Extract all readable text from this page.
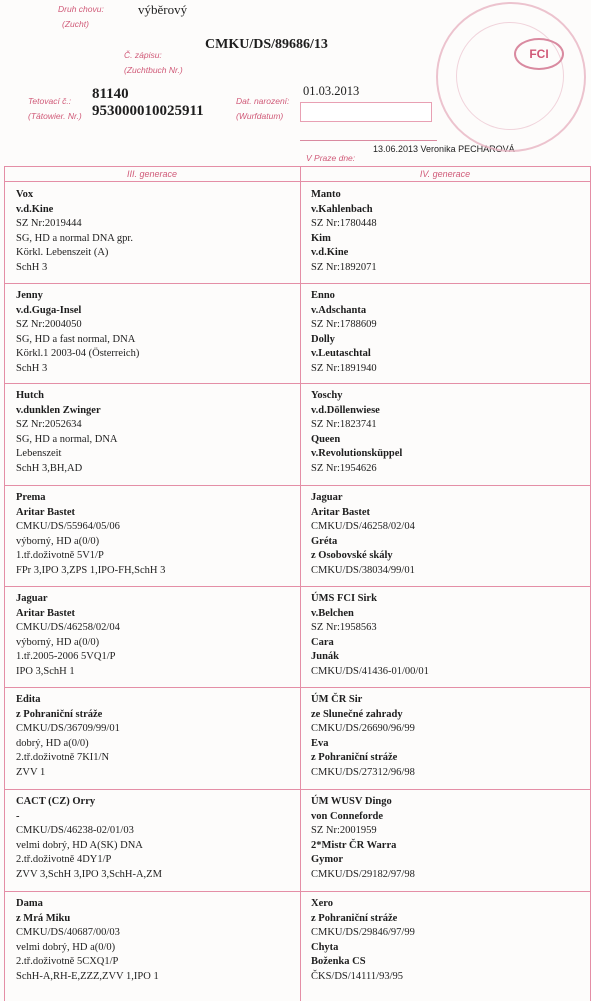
Druh chovu:
(Zucht)
výběrový
Č. zápisu:
(Zuchtbuch Nr.)
CMKU/DS/89686/13
Tetovací č.:
(Tätowier. Nr.)
81140
953000010025911
Dat. narození:
(Wurfdatum)
01.03.2013
13.06.2013 Veronika PECHAROVÁ
V Praze dne:
FCI
III. generace	IV. generace
Vox
v.d.Kine
SZ Nr:2019444
SG, HD a normal DNA gpr.
Körkl. Lebenszeit (A)
SchH 3
Manto
v.Kahlenbach
SZ Nr:1780448
Kim
v.d.Kine
SZ Nr:1892071
Jenny
v.d.Guga-Insel
SZ Nr:2004050
SG, HD a fast normal, DNA
Körkl.1 2003-04 (Österreich)
SchH 3
Enno
v.Adschanta
SZ Nr:1788609
Dolly
v.Leutaschtal
SZ Nr:1891940
Hutch
v.dunklen Zwinger
SZ Nr:2052634
SG, HD a normal, DNA
Lebenszeit
SchH 3,BH,AD
Yoschy
v.d.Döllenwiese
SZ Nr:1823741
Queen
v.Revolutionsküppel
SZ Nr:1954626
Prema
Aritar Bastet
CMKU/DS/55964/05/06
výborný, HD a(0/0)
1.tř.doživotně 5V1/P
FPr 3,IPO 3,ZPS 1,IPO-FH,SchH 3
Jaguar
Aritar Bastet
CMKU/DS/46258/02/04
Gréta
z Osobovské skály
CMKU/DS/38034/99/01
Jaguar
Aritar Bastet
CMKU/DS/46258/02/04
výborný, HD a(0/0)
1.tř.2005-2006 5VQ1/P
IPO 3,SchH 1
ÚMS FCI Sirk
v.Belchen
SZ Nr:1958563
Cara
Junák
CMKU/DS/41436-01/00/01
Edita
z Pohraniční stráže
CMKU/DS/36709/99/01
dobrý, HD a(0/0)
2.tř.doživotně 7KI1/N
ZVV 1
ÚM ČR Sir
ze Slunečné zahrady
CMKU/DS/26690/96/99
Eva
z Pohraniční stráže
CMKU/DS/27312/96/98
CACT (CZ) Orry
-
CMKU/DS/46238-02/01/03
velmi dobrý, HD A(SK) DNA
2.tř.doživotně 4DY1/P
ZVV 3,SchH 3,IPO 3,SchH-A,ZM
ÚM WUSV Dingo
von Conneforde
SZ Nr:2001959
2*Mistr ČR Warra
Gymor
CMKU/DS/29182/97/98
Dama
z Mrá Miku
CMKU/DS/40687/00/03
velmi dobrý, HD a(0/0)
2.tř.doživotně 5CXQ1/P
SchH-A,RH-E,ZZZ,ZVV 1,IPO 1
Xero
z Pohraniční stráže
CMKU/DS/29846/97/99
Chyta
Boženka CS
ČKS/DS/14111/93/95
